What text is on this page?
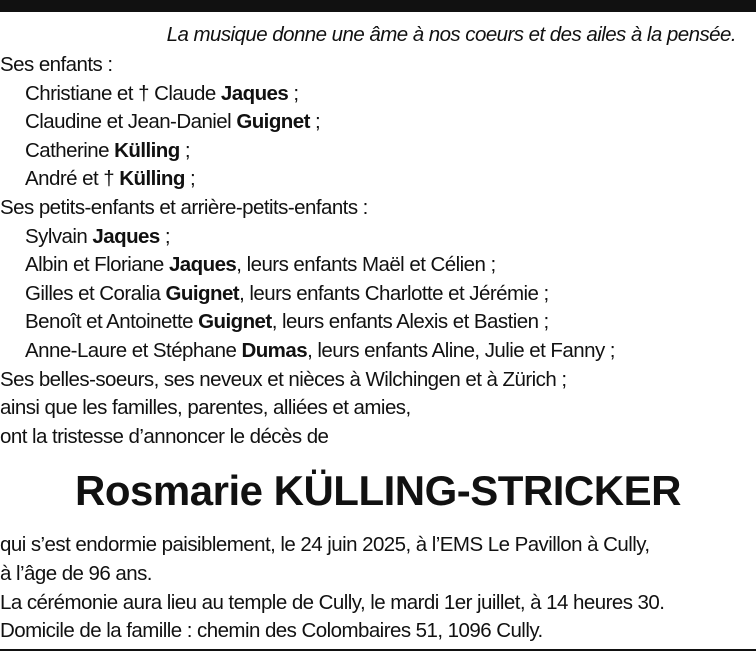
La musique donne une âme à nos coeurs et des ailes à la pensée.
Ses enfants :
Christiane et † Claude Jaques ;
Claudine et Jean-Daniel Guignet ;
Catherine Külling ;
André et † Külling ;
Ses petits-enfants et arrière-petits-enfants :
Sylvain Jaques ;
Albin et Floriane Jaques, leurs enfants Maël et Célien ;
Gilles et Coralia Guignet, leurs enfants Charlotte et Jérémie ;
Benoît et Antoinette Guignet, leurs enfants Alexis et Bastien ;
Anne-Laure et Stéphane Dumas, leurs enfants Aline, Julie et Fanny ;
Ses belles-soeurs, ses neveux et nièces à Wilchingen et à Zürich ;
ainsi que les familles, parentes, alliées et amies,
ont la tristesse d’annoncer le décès de
Rosmarie KÜLLING-STRICKER
qui s’est endormie paisiblement, le 24 juin 2025, à l’EMS Le Pavillon à Cully,
à l’âge de 96 ans.
La cérémonie aura lieu au temple de Cully, le mardi 1er juillet, à 14 heures 30.
Domicile de la famille : chemin des Colombaires 51, 1096 Cully.
